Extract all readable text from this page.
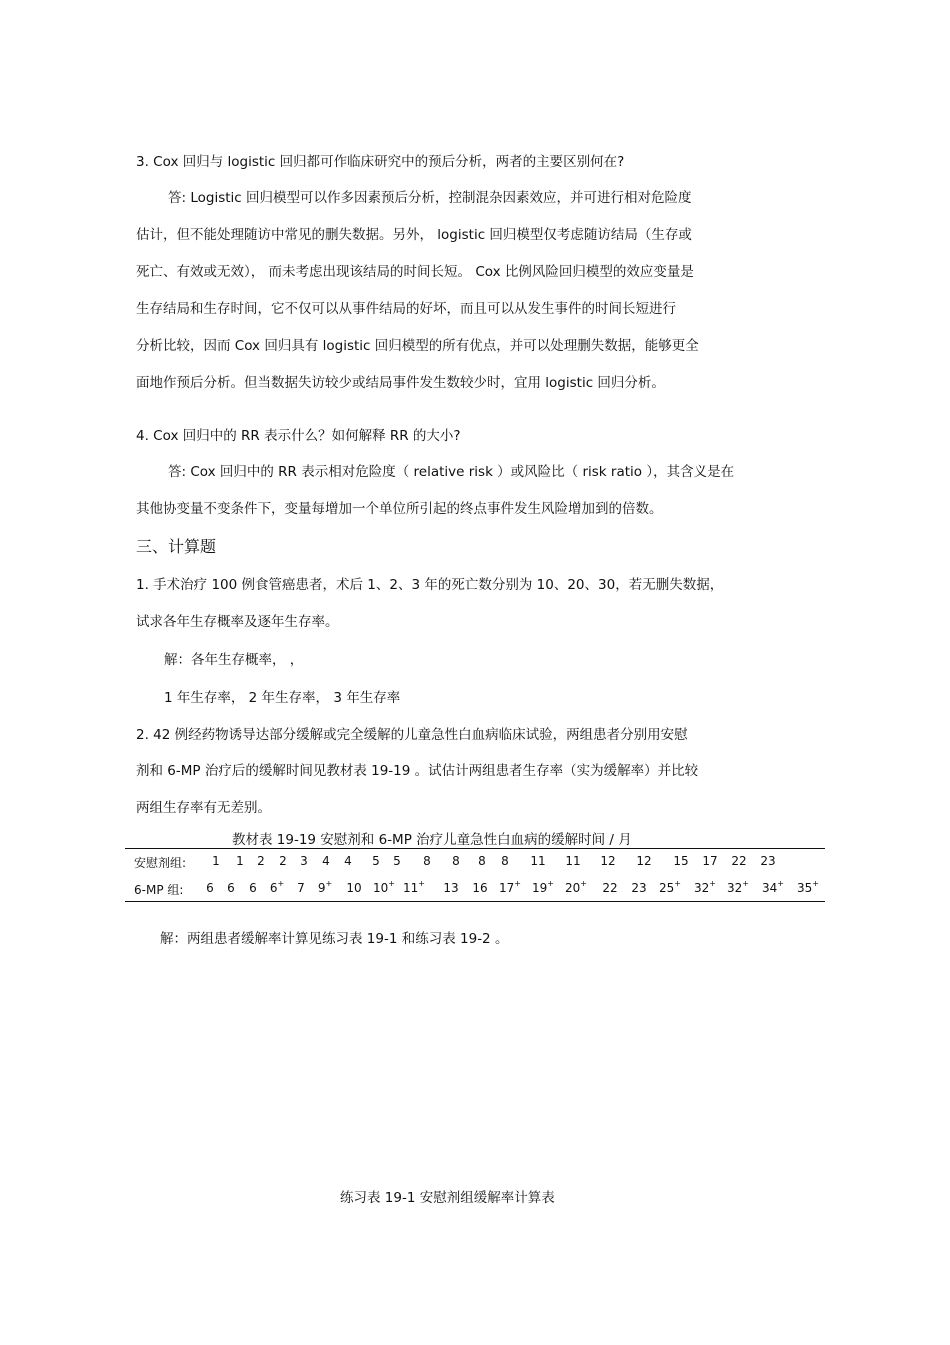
3. Cox 回归与 logistic 回归都可作临床研究中的预后分析，两者的主要区别何在?
答: Logistic 回归模型可以作多因素预后分析，控制混杂因素效应，并可进行相对危险度
估计，但不能处理随访中常见的删失数据。另外， logistic 回归模型仅考虑随访结局（生存或
死亡、有效或无效）， 而未考虑出现该结局的时间长短。 Cox 比例风险回归模型的效应变量是
生存结局和生存时间，它不仅可以从事件结局的好坏，而且可以从发生事件的时间长短进行
分析比较，因而 Cox 回归具有 logistic 回归模型的所有优点，并可以处理删失数据，能够更全
面地作预后分析。但当数据失访较少或结局事件发生数较少时，宜用 logistic 回归分析。
4. Cox 回归中的 RR 表示什么？如何解释 RR 的大小?
答: Cox 回归中的 RR 表示相对危险度（ relative risk ）或风险比（ risk ratio ），其含义是在
其他协变量不变条件下，变量每增加一个单位所引起的终点事件发生风险增加到的倍数。
三、计算题
1. 手术治疗 100 例食管癌患者，术后 1、2、3 年的死亡数分别为 10、20、30，若无删失数据，
试求各年生存概率及逐年生存率。
解：各年生存概率， ，
1 年生存率， 2 年生存率， 3 年生存率
2. 42 例经药物诱导达部分缓解或完全缓解的儿童急性白血病临床试验，两组患者分别用安慰
剂和 6-MP 治疗后的缓解时间见教材表 19-19 。试估计两组患者生存率（实为缓解率）并比较
两组生存率有无差别。
教材表 19-19 安慰剂和 6-MP 治疗儿童急性白血病的缓解时间 / 月
安慰剂组: 1 1 2 2 3 4 4 5 5 8 8 8 8 11 11 12 12 15 17 22 23
6-MP 组: 6 6 6 6+ 7 9+ 10 10+ 11+ 13 16 17+ 19+ 20+ 22 23 25+ 32+ 32+ 34+ 35+
解：两组患者缓解率计算见练习表 19-1 和练习表 19-2 。
练习表 19-1 安慰剂组缓解率计算表
